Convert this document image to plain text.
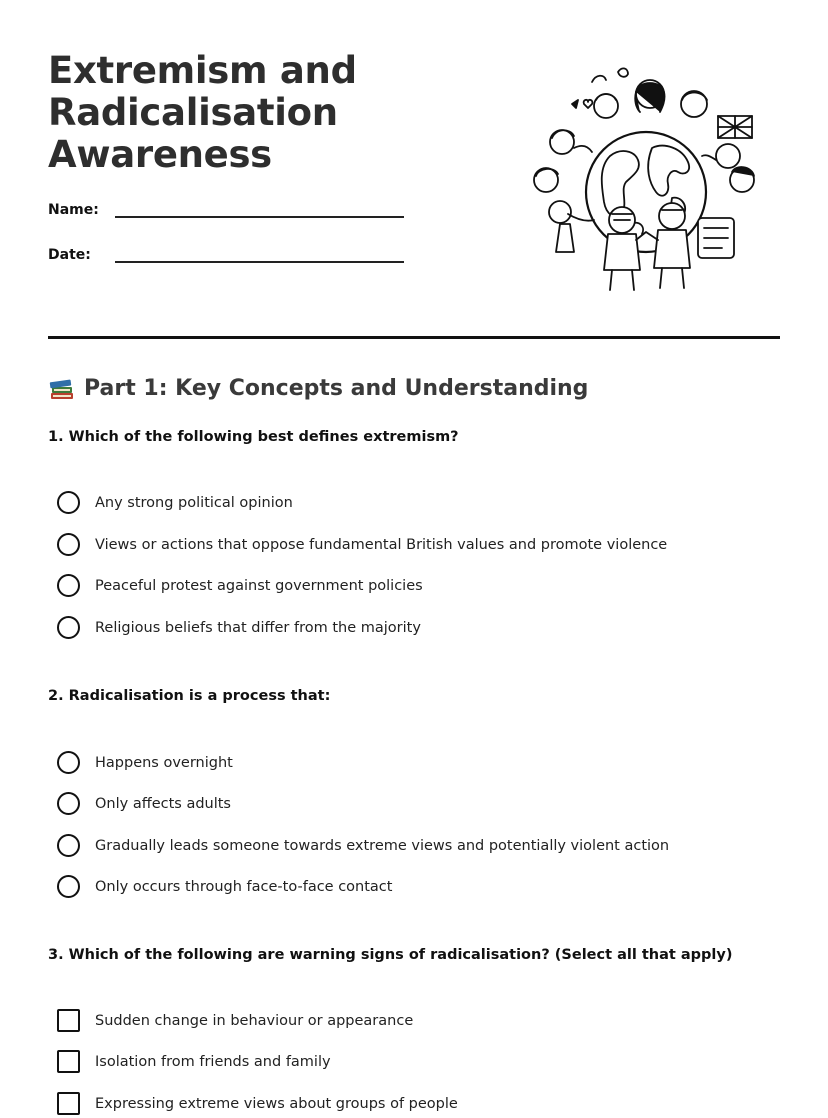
Extremism and Radicalisation Awareness
Name:
Date:
Part 1: Key Concepts and Understanding
1. Which of the following best defines extremism?
Any strong political opinion
Views or actions that oppose fundamental British values and promote violence
Peaceful protest against government policies
Religious beliefs that differ from the majority
2. Radicalisation is a process that:
Happens overnight
Only affects adults
Gradually leads someone towards extreme views and potentially violent action
Only occurs through face-to-face contact
3. Which of the following are warning signs of radicalisation? (Select all that apply)
Sudden change in behaviour or appearance
Isolation from friends and family
Expressing extreme views about groups of people
